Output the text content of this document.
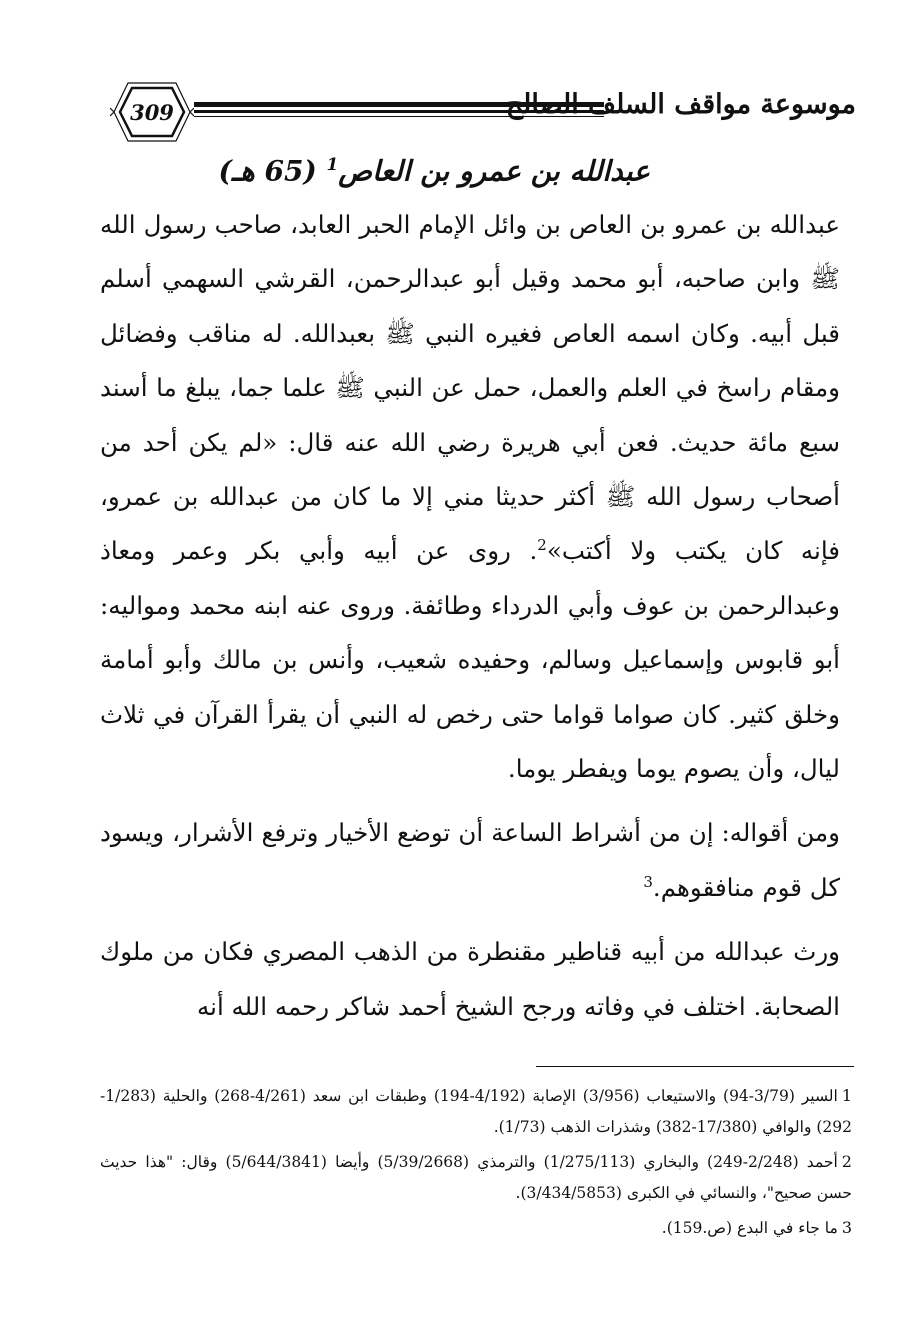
309	موسوعة مواقف السلف الصالح
عبدالله بن عمرو بن العاص$^1$ (65 هـ)

عبدالله بن عمرو بن العاص بن وائل الإمام الحبر العابد، صاحب رسول الله ﷺ وابن صاحبه، أبو محمد وقيل أبو عبدالرحمن، القرشي السهمي أسلم قبل أبيه. وكان اسمه العاص فغيره النبي ﷺ بعبدالله. له مناقب وفضائل ومقام راسخ في العلم والعمل، حمل عن النبي ﷺ علما جما، يبلغ ما أسند سبع مائة حديث. فعن أبي هريرة رضي الله عنه قال: «لم يكن أحد من أصحاب رسول الله ﷺ أكثر حديثا مني إلا ما كان من عبدالله بن عمرو، فإنه كان يكتب ولا أكتب»$^2$. روى عن أبيه وأبي بكر وعمر ومعاذ وعبدالرحمن بن عوف وأبي الدرداء وطائفة. وروى عنه ابنه محمد ومواليه: أبو قابوس وإسماعيل وسالم، وحفيده شعيب، وأنس بن مالك وأبو أمامة وخلق كثير. كان صواما قواما حتى رخص له النبي أن يقرأ القرآن في ثلاث ليال، وأن يصوم يوما ويفطر يوما.

ومن أقواله: إن من أشراط الساعة أن توضع الأخيار وترفع الأشرار، ويسود كل قوم منافقوهم.$^3$

ورث عبدالله من أبيه قناطير مقنطرة من الذهب المصري فكان من ملوك الصحابة. اختلف في وفاته ورجح الشيخ أحمد شاكر رحمه الله أنه

1السير (3/79-94) والاستيعاب (3/956) الإصابة (4/192-194) وطبقات ابن سعد (4/261-268) والحلية (1/283-292) والوافي (17/380-382) وشذرات الذهب (1/73).

2أحمد (2/248-249) والبخاري (1/275/113) والترمذي (5/39/2668) وأيضا (5/644/3841) وقال: "هذا حديث حسن صحيح"، والنسائي في الكبرى (3/434/5853).

3ما جاء في البدع (ص.159).
